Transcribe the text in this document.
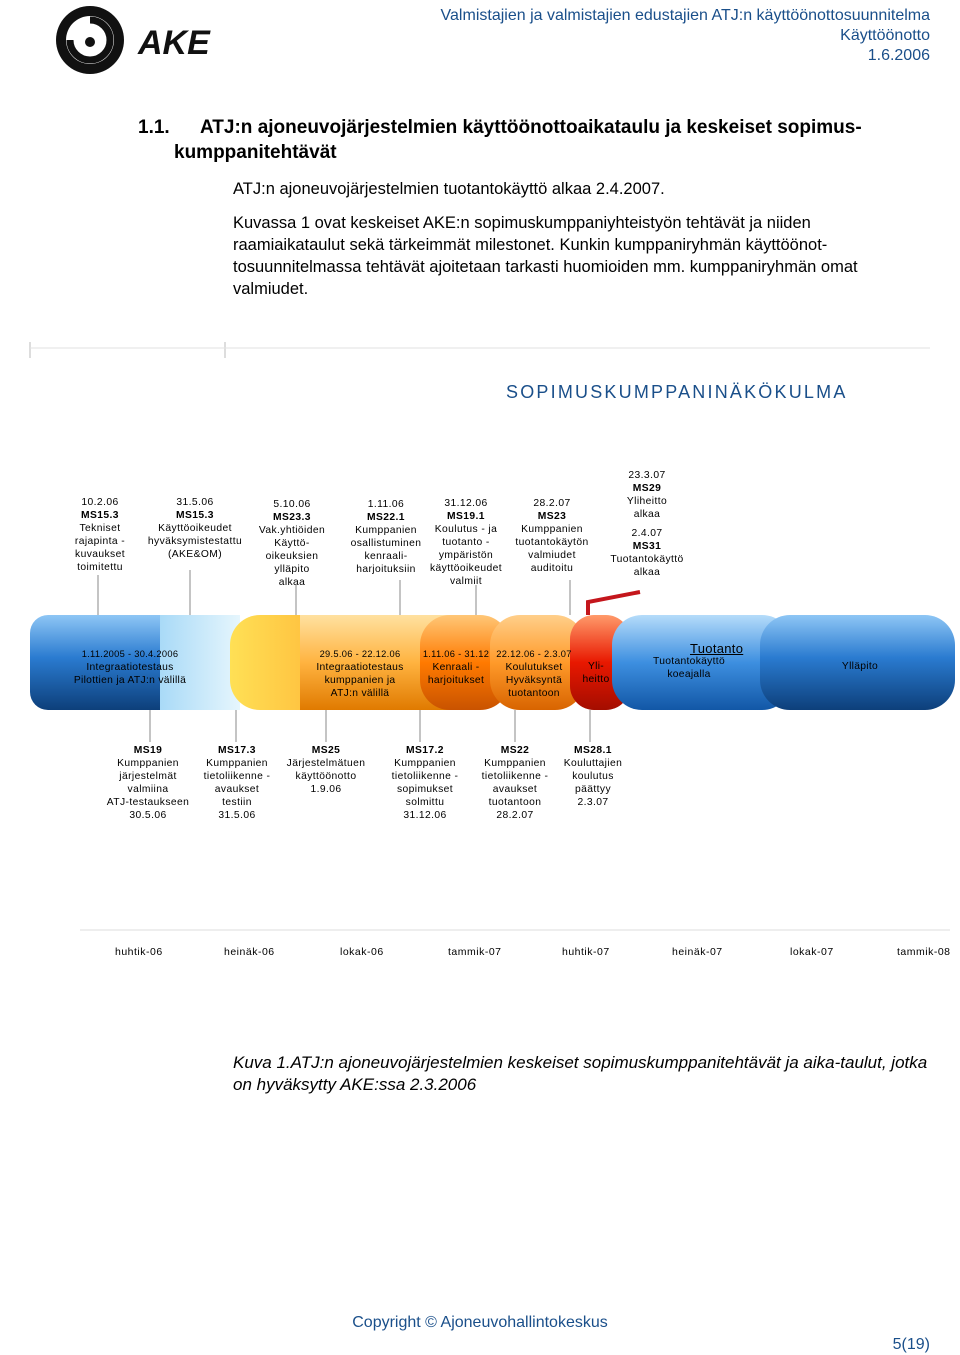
AKE
Valmistajien ja valmistajien edustajien ATJ:n käyttöönottosuunnitelma
Käyttöönotto
1.6.2006
1.1. ATJ:n ajoneuvojärjestelmien käyttöönottoaikataulu ja keskeiset sopimus-
kumppanitehtävät
ATJ:n ajoneuvojärjestelmien tuotantokäyttö alkaa 2.4.2007.
Kuvassa 1 ovat keskeiset AKE:n sopimuskumppaniyhteistyön tehtävät ja niiden raamiaikataulut sekä tärkeimmät milestonet. Kunkin kumppaniryhmän käyttöönot-tosuunnitelmassa tehtävät ajoitetaan tarkasti huomioiden mm. kumppaniryhmän omat valmiudet.
SOPIMUSKUMPPANINÄKÖKULMA
10.2.06
MS15.3
Tekniset
rajapinta -
kuvaukset
toimitettu
31.5.06
MS15.3
Käyttöoikeudet
hyväksymistestattu
(AKE&OM)
5.10.06
MS23.3
Vak.yhtiöiden
Käyttö-
oikeuksien
ylläpito
alkaa
1.11.06
MS22.1
Kumppanien
osallistuminen
kenraali-
harjoituksiin
31.12.06
MS19.1
Koulutus - ja
tuotanto -
ympäristön
käyttöoikeudet
valmiit
28.2.07
MS23
Kumppanien
tuotantokäytön
valmiudet
auditoitu
23.3.07
MS29
Yliheitto
alkaa
2.4.07
MS31
Tuotantokäyttö
alkaa
1.11.2005 - 30.4.2006
Integraatiotestaus
Pilottien ja ATJ:n välillä
29.5.06 - 22.12.06
Integraatiotestaus
kumppanien ja
ATJ:n välillä
1.11.06 - 31.12
Kenraali -
harjoitukset
22.12.06 - 2.3.07
Koulutukset
Hyväksyntä
tuotantoon
Yli-
heitto
Tuotanto
Tuotantokäyttö
koeajalla
Ylläpito
MS19
Kumppanien
järjestelmät
valmiina
ATJ-testaukseen
30.5.06
MS17.3
Kumppanien
tietoliikenne -
avaukset
testiin
31.5.06
MS25
Järjestelmätuen
käyttöönotto
1.9.06
MS17.2
Kumppanien
tietoliikenne -
sopimukset
solmittu
31.12.06
MS22
Kumppanien
tietoliikenne -
avaukset
tuotantoon
28.2.07
MS28.1
Kouluttajien
koulutus
päättyy
2.3.07
huhtik-06	heinäk-06	lokak-06	tammik-07	huhtik-07	heinäk-07	lokak-07	tammik-08
Kuva 1.ATJ:n ajoneuvojärjestelmien keskeiset sopimuskumppanitehtävät ja aika-taulut, jotka on hyväksytty AKE:ssa 2.3.2006
Copyright © Ajoneuvohallintokeskus
5(19)
